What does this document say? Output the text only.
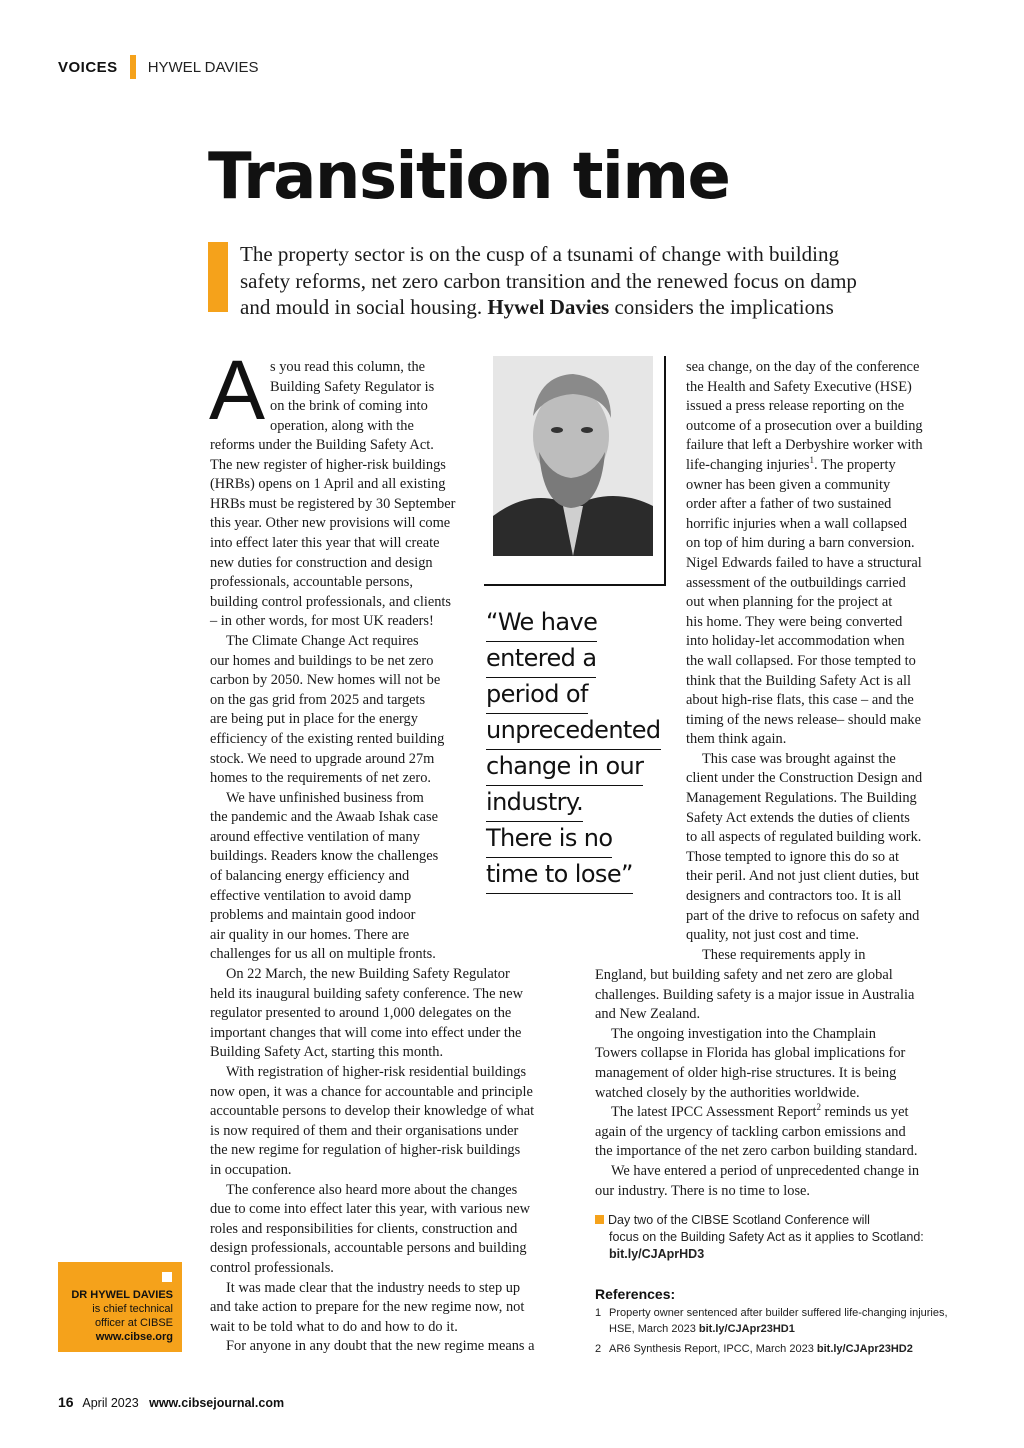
VOICES HYWEL DAVIES
Transition time

The property sector is on the cusp of a tsunami of change with building
safety reforms, net zero carbon transition and the renewed focus on damp
and mould in social housing. Hywel Davies considers the implications

A s you read this column, the
Building Safety Regulator is
on the brink of coming into
operation, along with the
reforms under the Building Safety Act.
The new register of higher-risk buildings
(HRBs) opens on 1 April and all existing
HRBs must be registered by 30 September
this year. Other new provisions will come
into effect later this year that will create
new duties for construction and design
professionals, accountable persons,
building control professionals, and clients
– in other words, for most UK readers!
The Climate Change Act requires
our homes and buildings to be net zero
carbon by 2050. New homes will not be
on the gas grid from 2025 and targets
are being put in place for the energy
efficiency of the existing rented building
stock. We need to upgrade around 27m
homes to the requirements of net zero.
We have unfinished business from
the pandemic and the Awaab Ishak case
around effective ventilation of many
buildings. Readers know the challenges
of balancing energy efficiency and
effective ventilation to avoid damp
problems and maintain good indoor
air quality in our homes. There are
challenges for us all on multiple fronts.
On 22 March, the new Building Safety Regulator
held its inaugural building safety conference. The new
regulator presented to around 1,000 delegates on the
important changes that will come into effect under the
Building Safety Act, starting this month.
With registration of higher-risk residential buildings
now open, it was a chance for accountable and principle
accountable persons to develop their knowledge of what
is now required of them and their organisations under
the new regime for regulation of higher-risk buildings
in occupation.
The conference also heard more about the changes
due to come into effect later this year, with various new
roles and responsibilities for clients, construction and
design professionals, accountable persons and building
control professionals.
It was made clear that the industry needs to step up
and take action to prepare for the new regime now, not
wait to be told what to do and how to do it.
For anyone in any doubt that the new regime means a
“We have
entered a
period of
unprecedented
change in our
industry.
There is no
time to lose”
sea change, on the day of the conference
the Health and Safety Executive (HSE)
issued a press release reporting on the
outcome of a prosecution over a building
failure that left a Derbyshire worker with
life-changing injuries$^1$. The property
owner has been given a community
order after a father of two sustained
horrific injuries when a wall collapsed
on top of him during a barn conversion.
Nigel Edwards failed to have a structural
assessment of the outbuildings carried
out when planning for the project at
his home. They were being converted
into holiday-let accommodation when
the wall collapsed. For those tempted to
think that the Building Safety Act is all
about high-rise flats, this case – and the
timing of the news release– should make
them think again.
This case was brought against the
client under the Construction Design and
Management Regulations. The Building
Safety Act extends the duties of clients
to all aspects of regulated building work.
Those tempted to ignore this do so at
their peril. And not just client duties, but
designers and contractors too. It is all
part of the drive to refocus on safety and
quality, not just cost and time.
These requirements apply in
England, but building safety and net zero are global
challenges. Building safety is a major issue in Australia
and New Zealand.
The ongoing investigation into the Champlain
Towers collapse in Florida has global implications for
management of older high-rise structures. It is being
watched closely by the authorities worldwide.
The latest IPCC Assessment Report$^2$ reminds us yet
again of the urgency of tackling carbon emissions and
the importance of the net zero carbon building standard.
We have entered a period of unprecedented change in
our industry. There is no time to lose.
Day two of the CIBSE Scotland Conference will
focus on the Building Safety Act as it applies to Scotland:
bit.ly/CJAprHD3
References:
1 Property owner sentenced after builder suffered life-changing injuries,
HSE, March 2023 bit.ly/CJApr23HD1
2 AR6 Synthesis Report, IPCC, March 2023 bit.ly/CJApr23HD2
DR HYWEL DAVIES
is chief technical
officer at CIBSE
www.cibse.org
16 April 2023 www.cibsejournal.com
